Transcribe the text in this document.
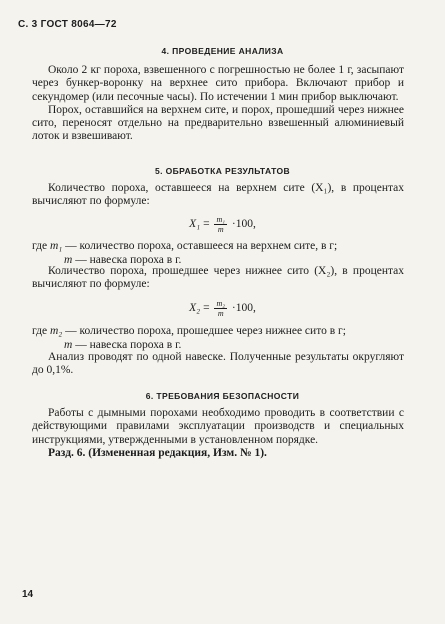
С. 3 ГОСТ 8064—72
4. ПРОВЕДЕНИЕ АНАЛИЗА

Около 2 кг пороха, взвешенного с погрешностью не более 1 г, засыпают через бункер-воронку на верхнее сито прибора. Включают прибор и секундомер (или песочные часы). По истечении 1 мин прибор выключают.

Порох, оставшийся на верхнем сите, и порох, прошедший через нижнее сито, переносят отдельно на предварительно взвешенный алюминиевый лоток и взвешивают.

5. ОБРАБОТКА РЕЗУЛЬТАТОВ

Количество пороха, оставшееся на верхнем сите (X₁), в процентах вычисляют по формуле:

$X_1 = \frac{\text{m₁}}{m} \cdot 100$,
где m₁ — количество пороха, оставшееся на верхнем сите, в г;
m — навеска пороха в г.

Количество пороха, прошедшее через нижнее сито (X₂), в процентах вычисляют по формуле:

$X_2 = \frac{\text{m₂}}{m} \cdot 100$,
где m₂ — количество пороха, прошедшее через нижнее сито в г;
m — навеска пороха в г.

Анализ проводят по одной навеске. Полученные результаты округляют до 0,1%.

6. ТРЕБОВАНИЯ БЕЗОПАСНОСТИ

Работы с дымными порохами необходимо проводить в соответствии с действующими правилами эксплуатации производств и специальных инструкциями, утвержденными в установленном порядке.

Разд. 6. (Измененная редакция, Изм. № 1).

14
